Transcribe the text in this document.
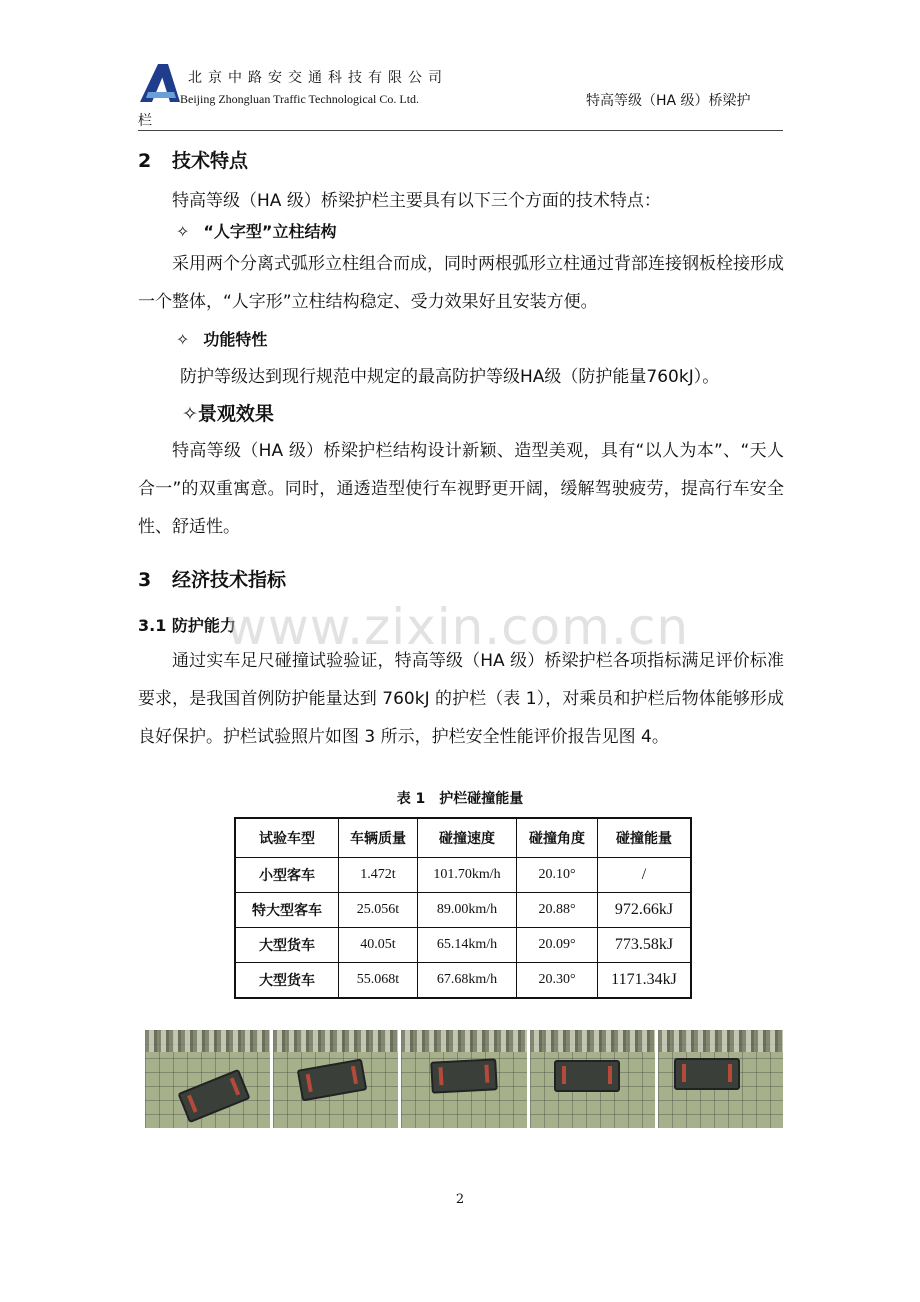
北京中路安交通科技有限公司
Beijing Zhongluan Traffic Technological Co. Ltd.	特高等级（HA 级）桥梁护
栏
2 技术特点
特高等级（HA 级）桥梁护栏主要具有以下三个方面的技术特点：
✧ “人字型”立柱结构
采用两个分离式弧形立柱组合而成，同时两根弧形立柱通过背部连接钢板栓接形成一个整体，“人字形”立柱结构稳定、受力效果好且安装方便。
✧ 功能特性
防护等级达到现行规范中规定的最高防护等级HA级（防护能量760kJ）。
✧景观效果
特高等级（HA 级）桥梁护栏结构设计新颖、造型美观，具有“以人为本”、“天人合一”的双重寓意。同时，通透造型使行车视野更开阔，缓解驾驶疲劳，提高行车安全性、舒适性。
3 经济技术指标
3.1 防护能力
www.zixin.com.cn
通过实车足尺碰撞试验验证，特高等级（HA 级）桥梁护栏各项指标满足评价标准要求，是我国首例防护能量达到 760kJ 的护栏（表 1），对乘员和护栏后物体能够形成良好保护。护栏试验照片如图 3 所示，护栏安全性能评价报告见图 4。
表 1　护栏碰撞能量
试验车型	车辆质量	碰撞速度	碰撞角度	碰撞能量
小型客车	1.472t	101.70km/h	20.10°	/
特大型客车	25.056t	89.00km/h	20.88°	972.66kJ
大型货车	40.05t	65.14km/h	20.09°	773.58kJ
大型货车	55.068t	67.68km/h	20.30°	1171.34kJ
2
